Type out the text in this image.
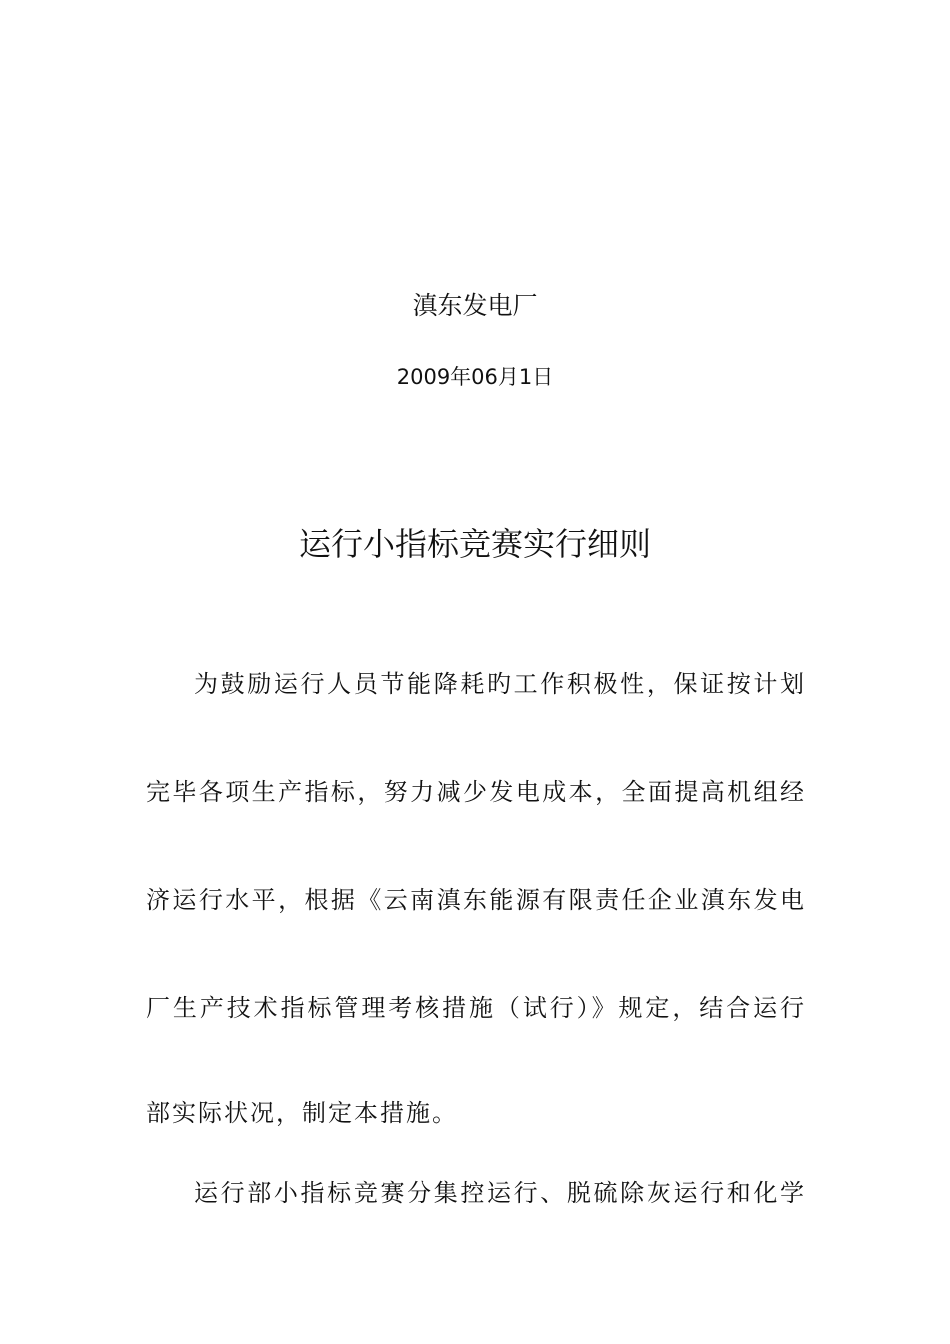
滇东发电厂
2009年06月1日
运行小指标竞赛实行细则
为鼓励运行人员节能降耗旳工作积极性，保证按计划
完毕各项生产指标，努力减少发电成本，全面提高机组经
济运行水平，根据《云南滇东能源有限责任企业滇东发电
厂生产技术指标管理考核措施（试行）》规定，结合运行
部实际状况，制定本措施。
运行部小指标竞赛分集控运行、脱硫除灰运行和化学
